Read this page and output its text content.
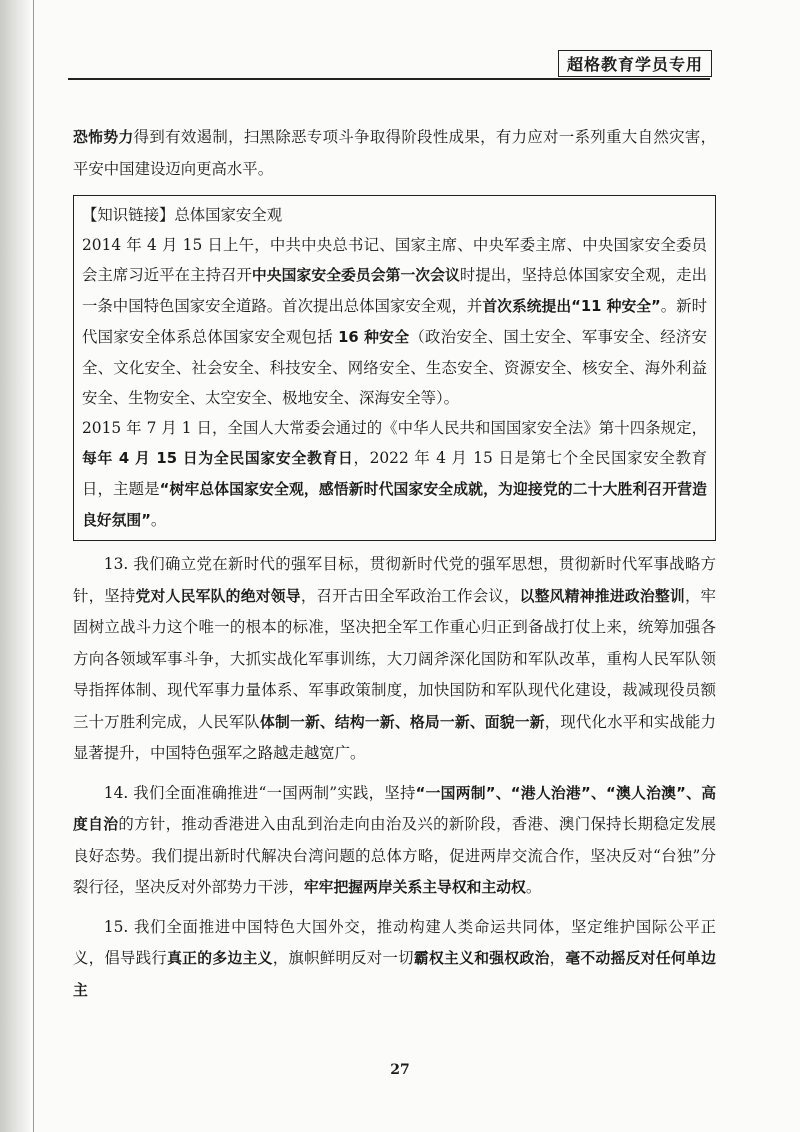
超格教育学员专用

恐怖势力得到有效遏制，扫黑除恶专项斗争取得阶段性成果，有力应对一系列重大自然灾害，平安中国建设迈向更高水平。

【知识链接】总体国家安全观

2014 年 4 月 15 日上午，中共中央总书记、国家主席、中央军委主席、中央国家安全委员会主席习近平在主持召开中央国家安全委员会第一次会议时提出，坚持总体国家安全观，走出一条中国特色国家安全道路。首次提出总体国家安全观，并首次系统提出“11 种安全”。新时代国家安全体系总体国家安全观包括 16 种安全（政治安全、国土安全、军事安全、经济安全、文化安全、社会安全、科技安全、网络安全、生态安全、资源安全、核安全、海外利益安全、生物安全、太空安全、极地安全、深海安全等）。

2015 年 7 月 1 日，全国人大常委会通过的《中华人民共和国国家安全法》第十四条规定，每年 4 月 15 日为全民国家安全教育日，2022 年 4 月 15 日是第七个全民国家安全教育日，主题是“树牢总体国家安全观，感悟新时代国家安全成就，为迎接党的二十大胜利召开营造良好氛围”。

13. 我们确立党在新时代的强军目标，贯彻新时代党的强军思想，贯彻新时代军事战略方针，坚持党对人民军队的绝对领导，召开古田全军政治工作会议，以整风精神推进政治整训，牢固树立战斗力这个唯一的根本的标准，坚决把全军工作重心归正到备战打仗上来，统筹加强各方向各领域军事斗争，大抓实战化军事训练，大刀阔斧深化国防和军队改革，重构人民军队领导指挥体制、现代军事力量体系、军事政策制度，加快国防和军队现代化建设，裁减现役员额三十万胜利完成，人民军队体制一新、结构一新、格局一新、面貌一新，现代化水平和实战能力显著提升，中国特色强军之路越走越宽广。

14. 我们全面准确推进“一国两制”实践，坚持“一国两制”、“港人治港”、“澳人治澳”、高度自治的方针，推动香港进入由乱到治走向由治及兴的新阶段，香港、澳门保持长期稳定发展良好态势。我们提出新时代解决台湾问题的总体方略，促进两岸交流合作，坚决反对“台独”分裂行径，坚决反对外部势力干涉，牢牢把握两岸关系主导权和主动权。

15. 我们全面推进中国特色大国外交，推动构建人类命运共同体，坚定维护国际公平正义，倡导践行真正的多边主义，旗帜鲜明反对一切霸权主义和强权政治，毫不动摇反对任何单边主

27
